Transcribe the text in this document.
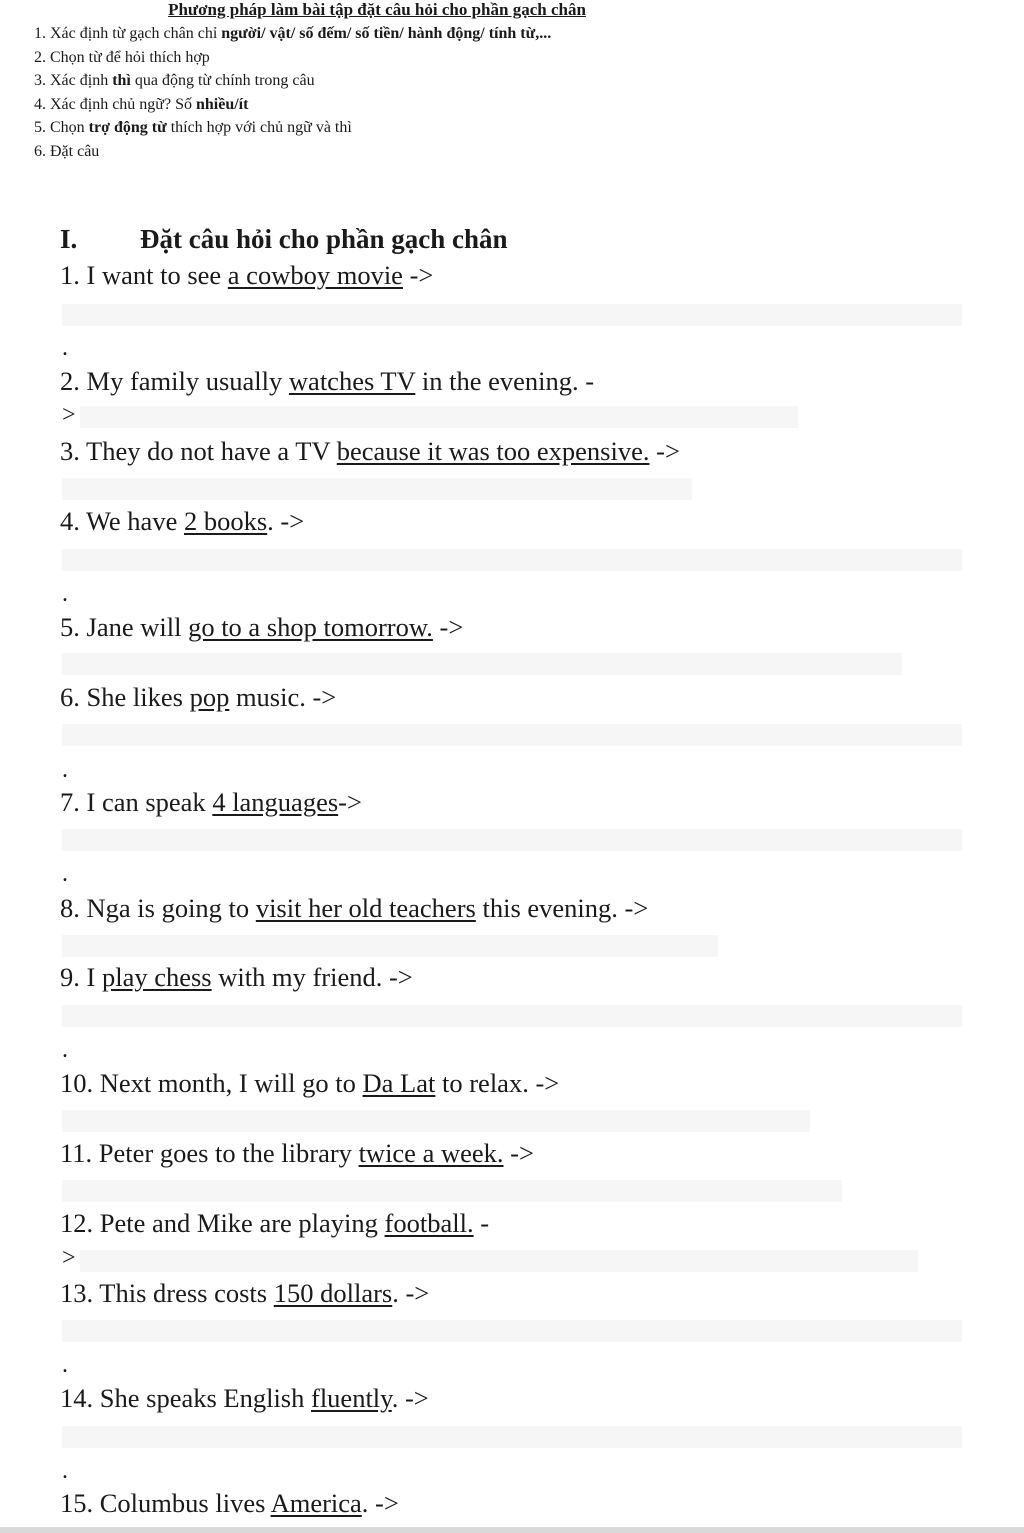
Phương pháp làm bài tập đặt câu hỏi cho phần gạch chân
1. Xác định từ gạch chân chỉ người/ vật/ số đếm/ số tiền/ hành động/ tính từ,...
2. Chọn từ để hỏi thích hợp
3. Xác định thì qua động từ chính trong câu
4. Xác định chủ ngữ? Số nhiều/ít
5. Chọn trợ động từ thích hợp với chủ ngữ và thì
6. Đặt câu
I. Đặt câu hỏi cho phần gạch chân
1. I want to see a cowboy movie ->
.
2. My family usually watches TV in the evening. -
>
3. They do not have a TV because it was too expensive. ->
4. We have 2 books. ->
.
5. Jane will go to a shop tomorrow. ->
6. She likes pop music. ->
.
7. I can speak 4 languages->
.
8. Nga is going to visit her old teachers this evening. ->
9. I play chess with my friend. ->
.
10. Next month, I will go to Da Lat to relax. ->
11. Peter goes to the library twice a week. ->
12. Pete and Mike are playing football. -
>
13. This dress costs 150 dollars. ->
.
14. She speaks English fluently. ->
.
15. Columbus lives America. ->
